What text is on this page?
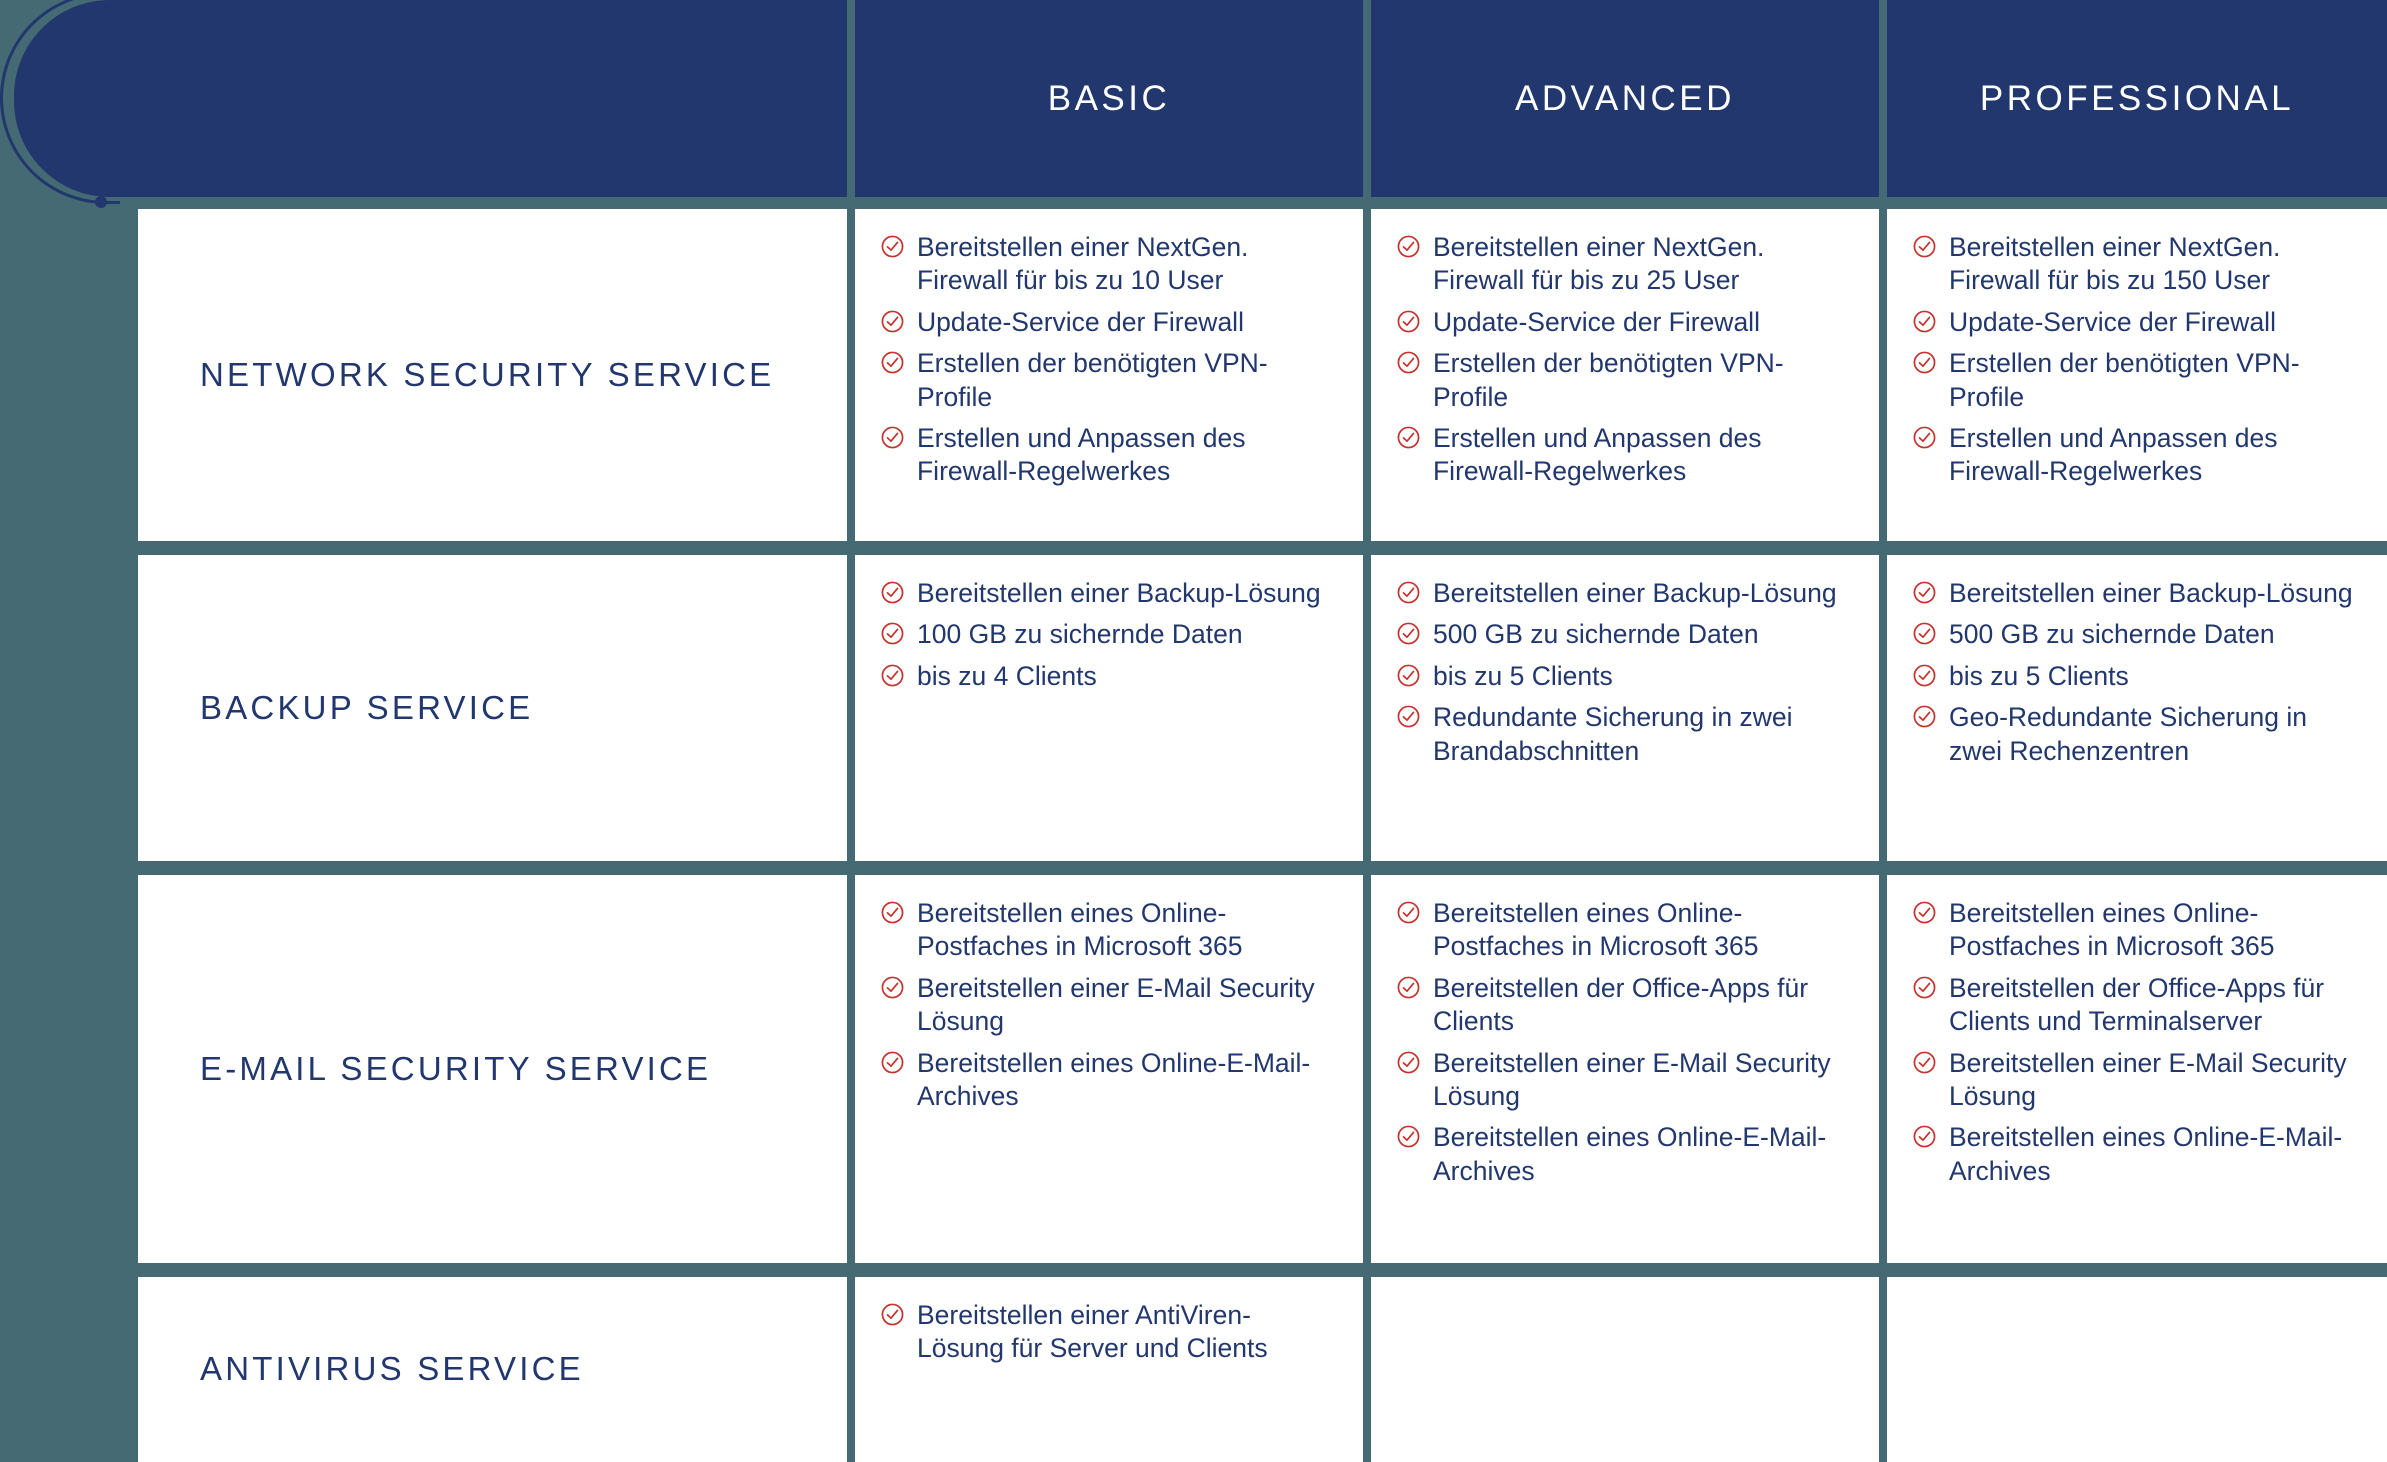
BASIC	ADVANCED	PROFESSIONAL
NETWORK SECURITY SERVICE
Bereitstellen einer NextGen. Firewall für bis zu 10 User
Update-Service der Firewall
Erstellen der benötigten VPN-Profile
Erstellen und Anpassen des Firewall-Regelwerkes
Bereitstellen einer NextGen. Firewall für bis zu 25 User
Update-Service der Firewall
Erstellen der benötigten VPN-Profile
Erstellen und Anpassen des Firewall-Regelwerkes
Bereitstellen einer NextGen. Firewall für bis zu 150 User
Update-Service der Firewall
Erstellen der benötigten VPN-Profile
Erstellen und Anpassen des Firewall-Regelwerkes
BACKUP SERVICE
Bereitstellen einer Backup-Lösung
100 GB zu sichernde Daten
bis zu 4 Clients
Bereitstellen einer Backup-Lösung
500 GB zu sichernde Daten
bis zu 5 Clients
Redundante Sicherung in zwei Brandabschnitten
Bereitstellen einer Backup-Lösung
500 GB zu sichernde Daten
bis zu 5 Clients
Geo-Redundante Sicherung in zwei Rechenzentren
E-MAIL SECURITY SERVICE
Bereitstellen eines Online-Postfaches in Microsoft 365
Bereitstellen einer E-Mail Security Lösung
Bereitstellen eines Online-E-Mail-Archives
Bereitstellen eines Online-Postfaches in Microsoft 365
Bereitstellen der Office-Apps für Clients
Bereitstellen einer E-Mail Security Lösung
Bereitstellen eines Online-E-Mail-Archives
Bereitstellen eines Online-Postfaches in Microsoft 365
Bereitstellen der Office-Apps für Clients und Terminalserver
Bereitstellen einer E-Mail Security Lösung
Bereitstellen eines Online-E-Mail-Archives
ANTIVIRUS SERVICE
Bereitstellen einer AntiViren-Lösung für Server und Clients
